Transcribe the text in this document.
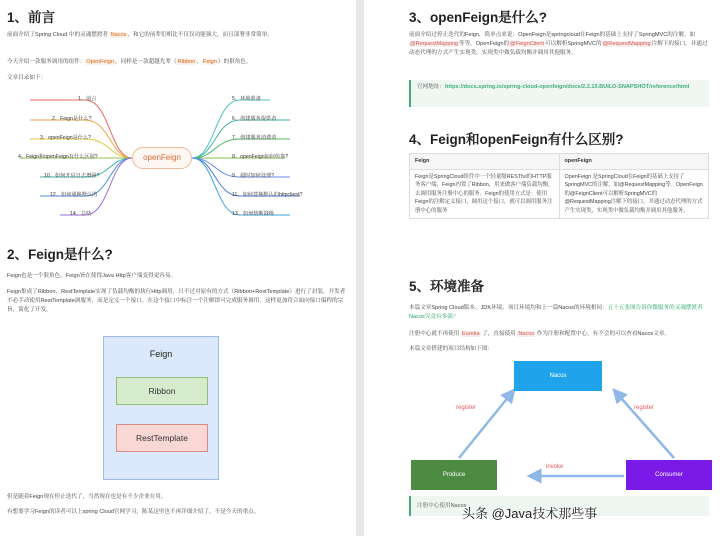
1、前言
前面介绍了Spring Cloud 中的灵魂摆渡者 Nacos，和它的前辈们相比不仅仅功能强大，而且部署非常简单。
今天介绍一款服务调用的组件：OpenFeign，同样是一款超越先辈（Ribbon、Feign）的狠角色。
文章目录如下：
openFeign
1、前言
2、Feign是什么?
3、openFeign是什么?
4、Feign和openFeign有什么区别?
10、如何开启日志增强?
12、如何通换默认的
14、总结
5、环境准备
6、创建服务提供者
7、创建服务消费者
8、openFeign如何传参?
9、超时如何处理?
11、如何替换默认的httpclient?
13、如何熔断降级
2、Feign是什么?
Feign也是一个狠角色，Feign旨在使得Java Http客户端变得更容易。
Feign集成了Ribbon、RestTemplate实现了负载均衡的执行Http调用，只不过对原有的方式（Ribbon+RestTemplate）进行了封装，开发者不必手动使用RestTemplate调服务，而是定义一个接口，在这个接口中标注一个注解即可完成服务调用，这样更加符合面向接口编程的宗旨，简化了开发。
Feign
Ribbon
RestTemplate
但是随着Feign现在停止迭代了，当然现在也是有不少企业在用。
有想要学习Feign的读者可以上spring Cloud官网学习，陈某这里也不再详细介绍了，不是今天的重点。
3、openFeign是什么?
前面介绍过停止迭代的Feign，简单点来说：OpenFeign是springcloud在Feign的基础上支持了SpringMVC的注解，如@RequestMapping等等。OpenFeign的@FeignClient可以解析SpringMVC的@RequestMapping注解下的接口，并通过动态代理的方式产生实现类，实现类中做负载均衡并调用其他服务。
官网地址：https://docs.spring.io/spring-cloud-openfeign/docs/2.2.10.BUILD-SNAPSHOT/reference/html
4、Feign和openFeign有什么区别?
Feign	openFeign
Feign是SpringCloud组件中一个轻量级RESTful的HTTP服务客户端，Feign内置了Ribbon，用来做客户端负载均衡，去调用服务注册中心的服务。Feign的使用方式是：使用Feign的注解定义接口，调用这个接口，就可以调用服务注册中心的服务	OpenFeign 是SpringCloud在Feign的基础上支持了SpringMVC的注解，如@RequestMapping等。OpenFeign 的@FeignClient可以解析SpringMVC的@RequestMapping注解下的接口，并通过动态代理的方式产生实现类，实现类中做负载均衡并调用其他服务。
5、环境准备
本篇文章Spring Cloud版本、JDK环境、项目环境均和上一篇Nacos的环境相同：五十五张图告诉你微服务的灵魂摆渡者Nacos究竟有多强？
注册中心就不再使用 Eureka 了，直接使用 Nacos 作为注册和配置中心，有不会的可以查看Nacos文章。
本篇文章搭建的项目结构如下图：
Nacos
Produce	Consumer
register	register
invoke
注册中心使用Nacos
头条 @Java技术那些事
